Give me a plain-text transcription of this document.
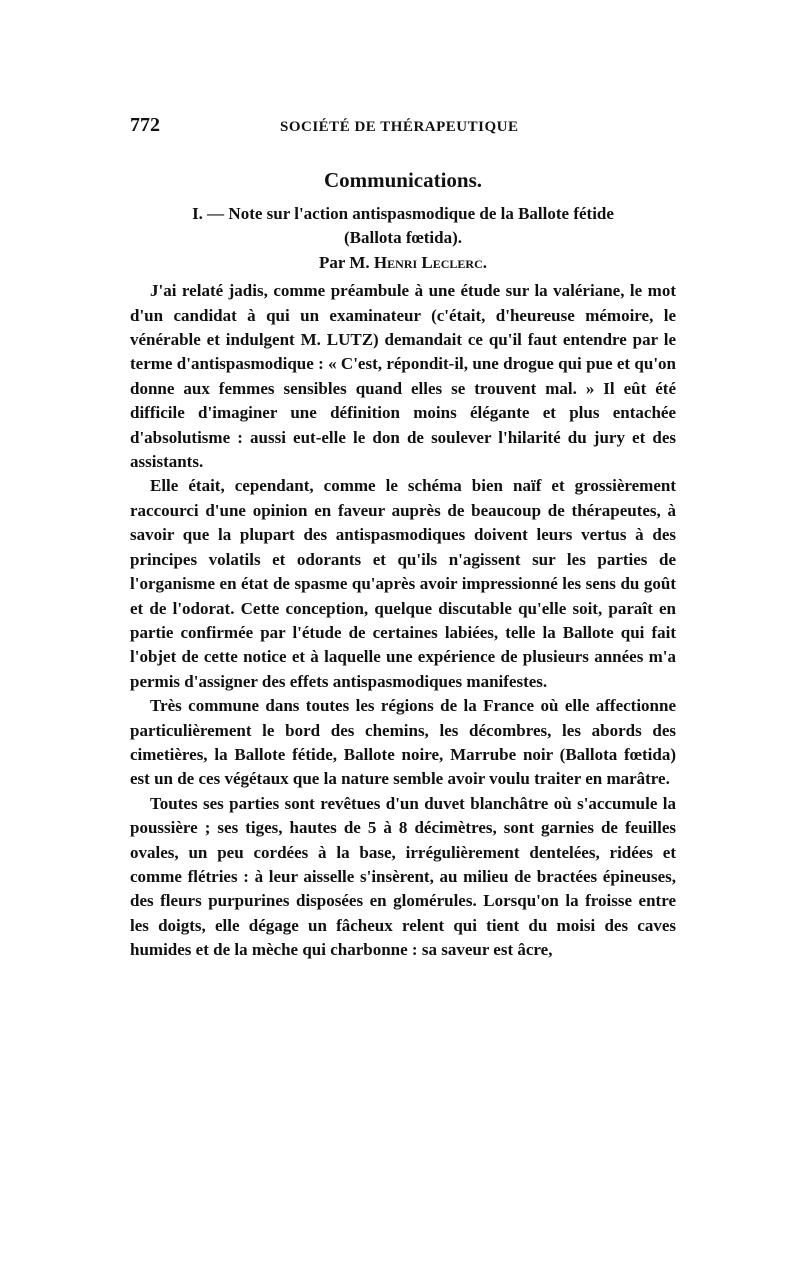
772	SOCIÉTÉ DE THÉRAPEUTIQUE

Communications.

I. — Note sur l'action antispasmodique de la Ballote fétide

(Ballota fœtida).

Par M. Henri Leclerc.

J'ai relaté jadis, comme préambule à une étude sur la valériane, le mot d'un candidat à qui un examinateur (c'était, d'heureuse mémoire, le vénérable et indulgent M. LUTZ) demandait ce qu'il faut entendre par le terme d'antispasmodique : « C'est, répondit-il, une drogue qui pue et qu'on donne aux femmes sensibles quand elles se trouvent mal. » Il eût été difficile d'imaginer une définition moins élégante et plus entachée d'absolutisme : aussi eut-elle le don de soulever l'hilarité du jury et des assistants.

Elle était, cependant, comme le schéma bien naïf et grossièrement raccourci d'une opinion en faveur auprès de beaucoup de thérapeutes, à savoir que la plupart des antispasmodiques doivent leurs vertus à des principes volatils et odorants et qu'ils n'agissent sur les parties de l'organisme en état de spasme qu'après avoir impressionné les sens du goût et de l'odorat. Cette conception, quelque discutable qu'elle soit, paraît en partie confirmée par l'étude de certaines labiées, telle la Ballote qui fait l'objet de cette notice et à laquelle une expérience de plusieurs années m'a permis d'assigner des effets antispasmodiques manifestes.

Très commune dans toutes les régions de la France où elle affectionne particulièrement le bord des chemins, les décombres, les abords des cimetières, la Ballote fétide, Ballote noire, Marrube noir (Ballota fœtida) est un de ces végétaux que la nature semble avoir voulu traiter en marâtre.

Toutes ses parties sont revêtues d'un duvet blanchâtre où s'accumule la poussière ; ses tiges, hautes de 5 à 8 décimètres, sont garnies de feuilles ovales, un peu cordées à la base, irrégulièrement dentelées, ridées et comme flétries : à leur aisselle s'insèrent, au milieu de bractées épineuses, des fleurs purpurines disposées en glomérules. Lorsqu'on la froisse entre les doigts, elle dégage un fâcheux relent qui tient du moisi des caves humides et de la mèche qui charbonne : sa saveur est âcre,
